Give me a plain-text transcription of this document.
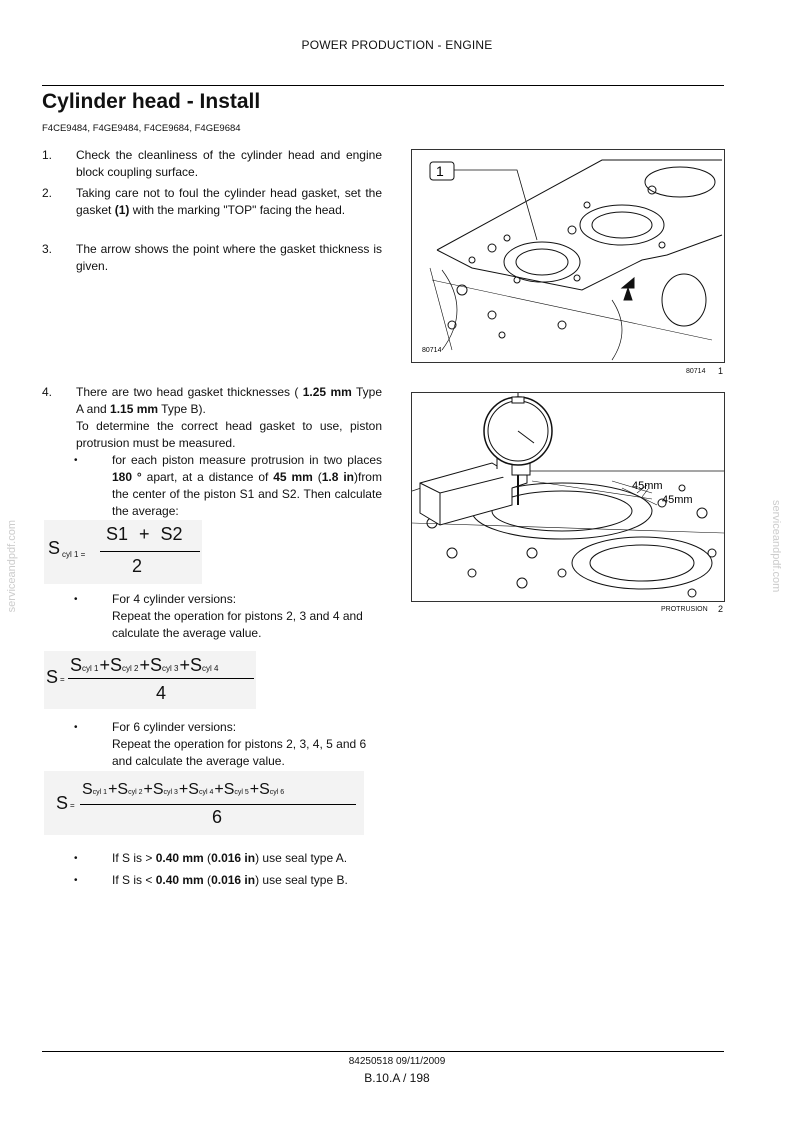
POWER PRODUCTION - ENGINE
Cylinder head - Install
F4CE9484, F4GE9484, F4CE9684, F4GE9684
1. Check the cleanliness of the cylinder head and engine block coupling surface.
2. Taking care not to foul the cylinder head gasket, set the gasket (1) with the marking "TOP" facing the head.
3. The arrow shows the point where the gasket thickness is given.
1
80714
80714 1
4. There are two head gasket thicknesses ( 1.25 mm Type A and 1.15 mm Type B).
To determine the correct head gasket to use, piston protrusion must be measured.
•	for each piston measure protrusion in two places 180 ° apart, at a distance of 45 mm (1.8 in)from the center of the piston S1 and S2. Then calculate the average:
S cyl 1 =
S1 + S2
2
•	For 4 cylinder versions:
Repeat the operation for pistons 2, 3 and 4 and calculate the average value.
S =
Scyl 1+Scyl 2+Scyl 3+Scyl 4
4
•	For 6 cylinder versions:
Repeat the operation for pistons 2, 3, 4, 5 and 6 and calculate the average value.
S =
Scyl 1+Scyl 2+Scyl 3+Scyl 4+Scyl 5+Scyl 6
6
•	If S is > 0.40 mm (0.016 in) use seal type A.
•	If S is < 0.40 mm (0.016 in) use seal type B.
45mm
45mm
PROTRUSION 2
serviceandpdf.com	serviceandpdf.com
84250518 09/11/2009
B.10.A / 198
